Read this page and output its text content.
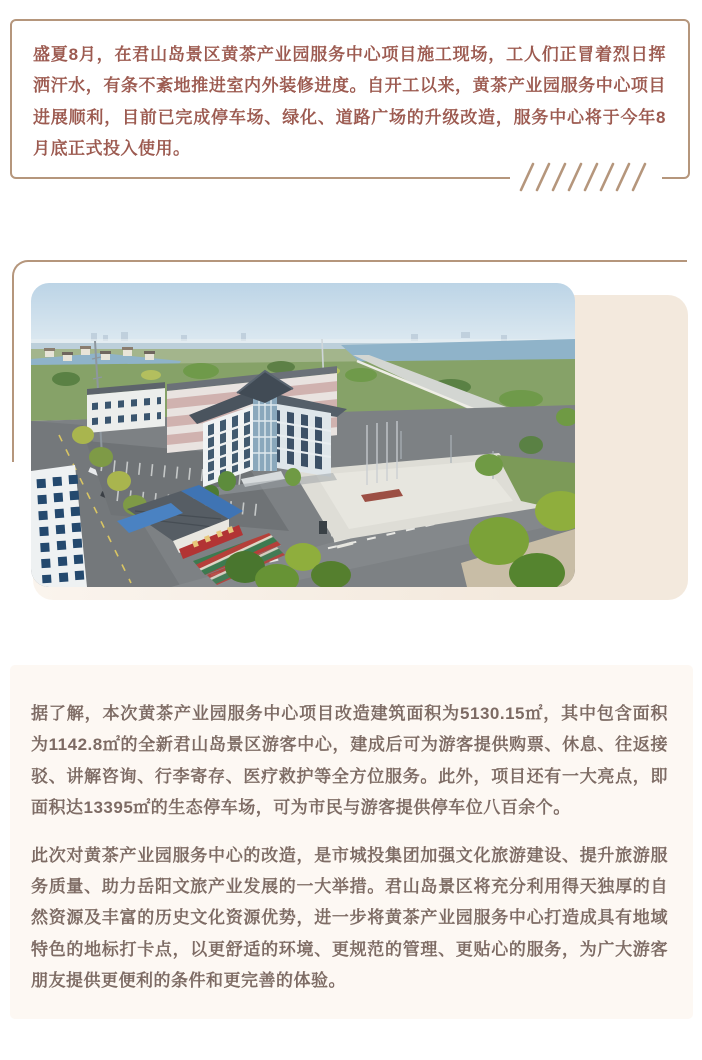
盛夏8月，在君山岛景区黄茶产业园服务中心项目施工现场，工人们正冒着烈日挥洒汗水，有条不紊地推进室内外装修进度。自开工以来，黄茶产业园服务中心项目进展顺利，目前已完成停车场、绿化、道路广场的升级改造，服务中心将于今年8月底正式投入使用。

据了解，本次黄茶产业园服务中心项目改造建筑面积为5130.15㎡，其中包含面积为1142.8㎡的全新君山岛景区游客中心，建成后可为游客提供购票、休息、往返接驳、讲解咨询、行李寄存、医疗救护等全方位服务。此外，项目还有一大亮点，即面积达13395㎡的生态停车场，可为市民与游客提供停车位八百余个。

此次对黄茶产业园服务中心的改造，是市城投集团加强文化旅游建设、提升旅游服务质量、助力岳阳文旅产业发展的一大举措。君山岛景区将充分利用得天独厚的自然资源及丰富的历史文化资源优势，进一步将黄茶产业园服务中心打造成具有地域特色的地标打卡点，以更舒适的环境、更规范的管理、更贴心的服务，为广大游客朋友提供更便利的条件和更完善的体验。
